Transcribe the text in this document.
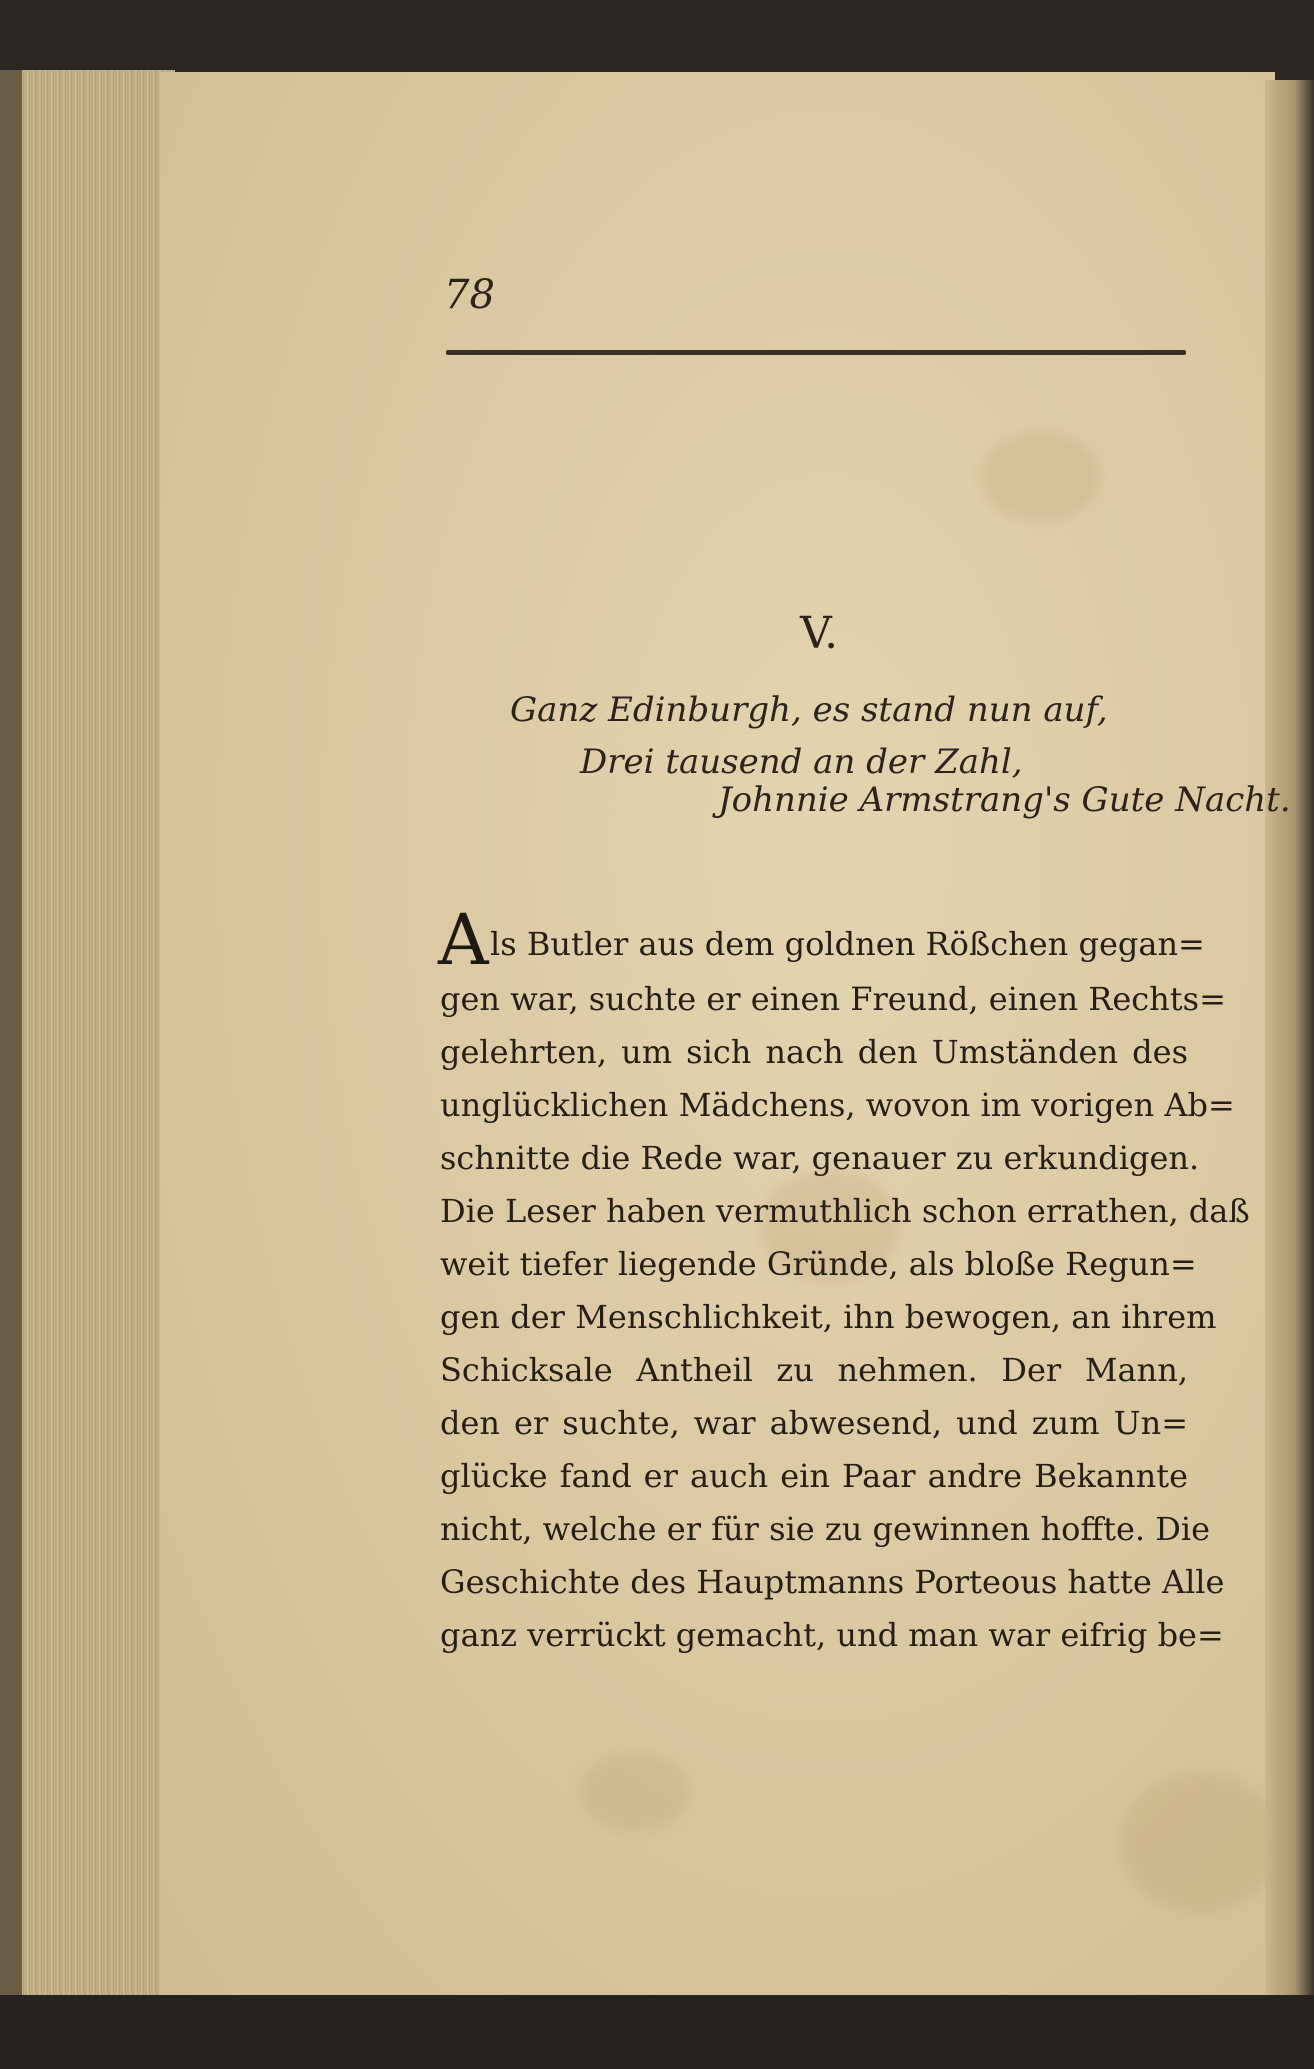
78
V.
Ganz Edinburgh, es stand nun auf,
Drei tausend an der Zahl,
Johnnie Armstrang's Gute Nacht.
A ls Butler aus dem goldnen Rößchen gegan=
gen war, suchte er einen Freund, einen Rechts=
gelehrten, um sich nach den Umständen des
unglücklichen Mädchens, wovon im vorigen Ab=
schnitte die Rede war, genauer zu erkundigen.
Die Leser haben vermuthlich schon errathen, daß
weit tiefer liegende Gründe, als bloße Regun=
gen der Menschlichkeit, ihn bewogen, an ihrem
Schicksale Antheil zu nehmen. Der Mann,
den er suchte, war abwesend, und zum Un=
glücke fand er auch ein Paar andre Bekannte
nicht, welche er für sie zu gewinnen hoffte. Die
Geschichte des Hauptmanns Porteous hatte Alle
ganz verrückt gemacht, und man war eifrig be=
